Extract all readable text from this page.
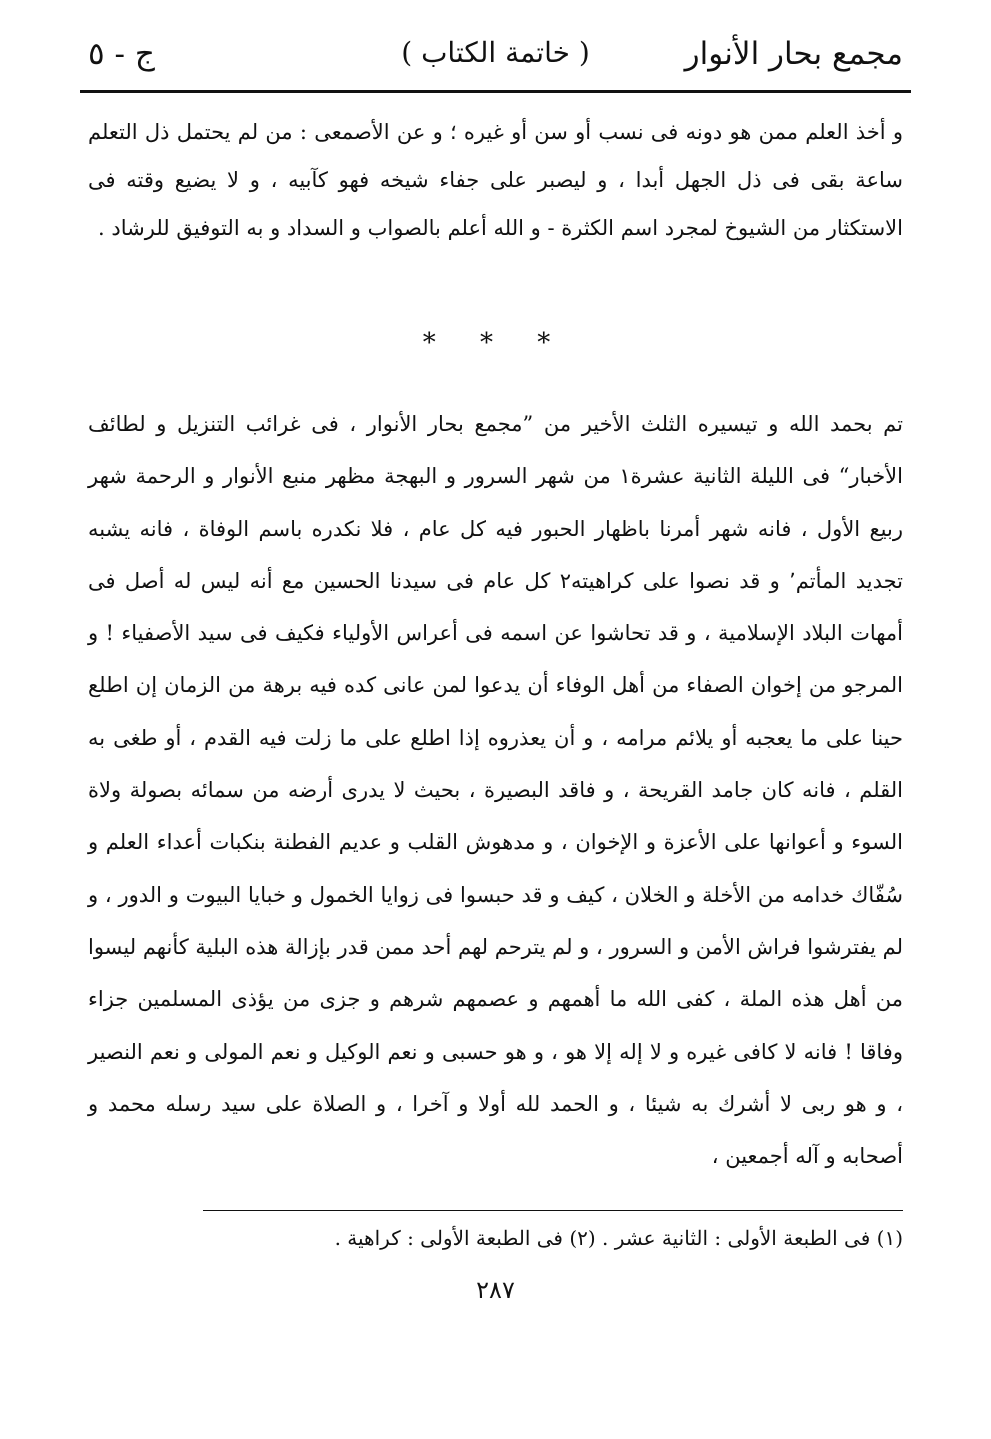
مجمع بحار الأنوار
( خاتمة الكتاب )
ج - ٥
و أخذ العلم ممن هو دونه فى نسب أو سن أو غيره ؛ و عن الأصمعى : من لم يحتمل ذل التعلم ساعة بقى فى ذل الجهل أبدا ، و ليصبر على جفاء شيخه فهو كآبيه ، و لا يضيع وقته فى الاستكثار من الشيوخ لمجرد اسم الكثرة - و الله أعلم بالصواب و السداد و به التوفيق للرشاد .
* * *
تم بحمد الله و تيسيره الثلث الأخير من ”مجمع بحار الأنوار ، فى غرائب التنزيل و لطائف الأخبار“ فى الليلة الثانية عشرة١ من شهر السرور و البهجة مظهر منبع الأنوار و الرحمة شهر ربيع الأول ، فانه شهر أمرنا باظهار الحبور فيه كل عام ، فلا نكدره باسم الوفاة ، فانه يشبه تجديد المأتم٬ و قد نصوا على كراهيته٢ كل عام فى سيدنا الحسين مع أنه ليس له أصل فى أمهات البلاد الإسلامية ، و قد تحاشوا عن اسمه فى أعراس الأولياء فكيف فى سيد الأصفياء ! و المرجو من إخوان الصفاء من أهل الوفاء أن يدعوا لمن عانى كده فيه برهة من الزمان إن اطلع حينا على ما يعجبه أو يلائم مرامه ، و أن يعذروه إذا اطلع على ما زلت فيه القدم ، أو طغى به القلم ، فانه كان جامد القريحة ، و فاقد البصيرة ، بحيث لا يدرى أرضه من سمائه بصولة ولاة السوء و أعوانها على الأعزة و الإخوان ، و مدهوش القلب و عديم الفطنة بنكبات أعداء العلم و سُفّاك خدامه من الأخلة و الخلان ، كيف و قد حبسوا فى زوايا الخمول و خبايا البيوت و الدور ، و لم يفترشوا فراش الأمن و السرور ، و لم يترحم لهم أحد ممن قدر بإزالة هذه البلية كأنهم ليسوا من أهل هذه الملة ، كفى الله ما أهمهم و عصمهم شرهم و جزى من يؤذى المسلمين جزاء وفاقا ! فانه لا كافى غيره و لا إله إلا هو ، و هو حسبى و نعم الوكيل و نعم المولى و نعم النصير ، و هو ربى لا أشرك به شيئا ، و الحمد لله أولا و آخرا ، و الصلاة على سيد رسله محمد و أصحابه و آله أجمعين ،
(١) فى الطبعة الأولى : الثانية عشر . (٢) فى الطبعة الأولى : كراهية .
٢٨٧
